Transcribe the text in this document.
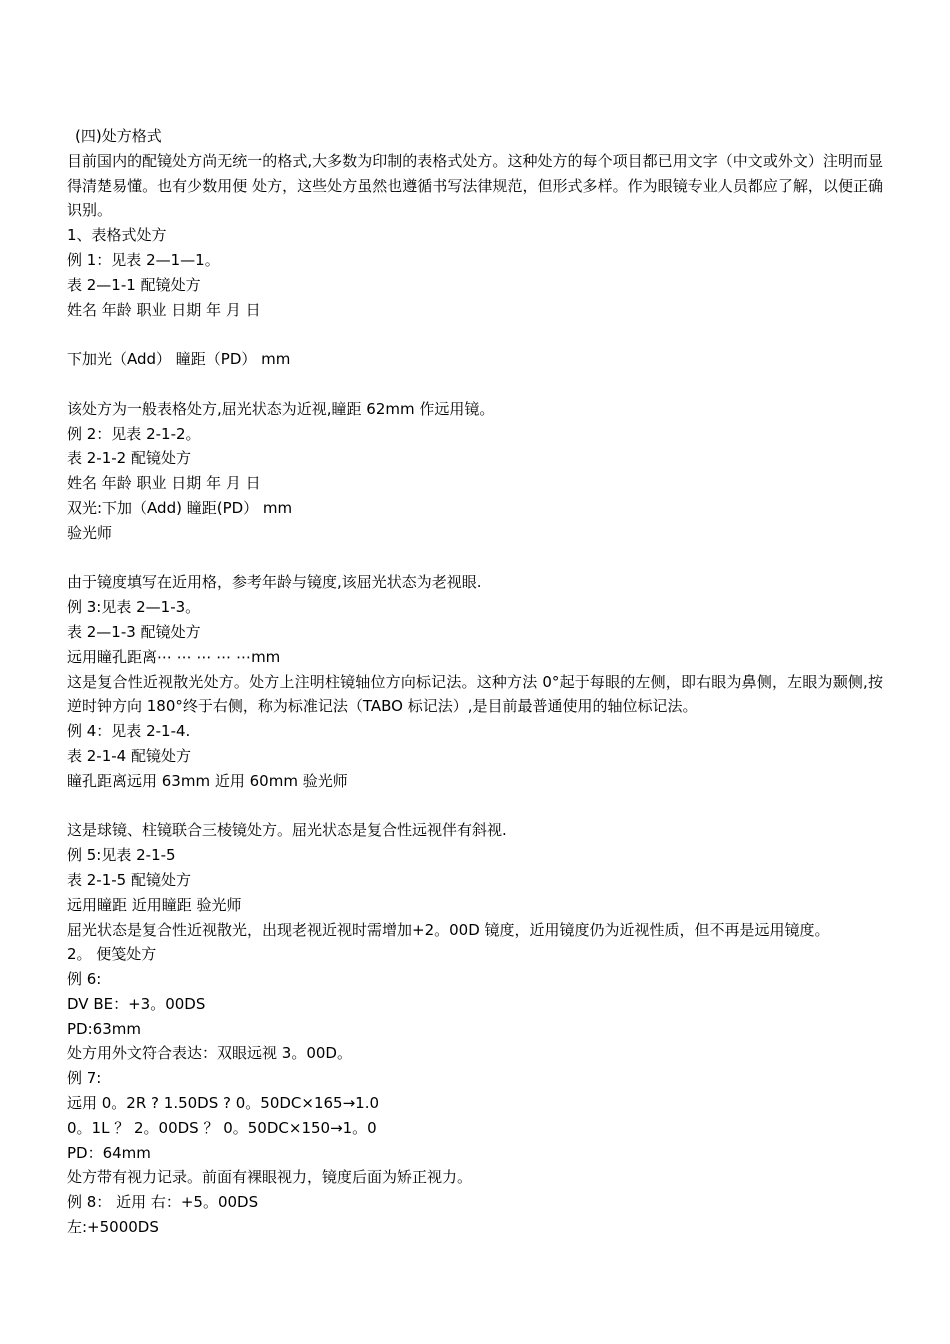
(四)处方格式
目前国内的配镜处方尚无统一的格式,大多数为印制的表格式处方。这种处方的每个项目都已用文字（中文或外文）注明而显得清楚易懂。也有少数用便 处方，这些处方虽然也遵循书写法律规范，但形式多样。作为眼镜专业人员都应了解，以便正确识别。
1、表格式处方
例 1：见表 2—1—1。
表 2—1-1 配镜处方
姓名 年龄 职业 日期 年 月 日
下加光（Add） 瞳距（PD） mm
该处方为一般表格处方,屈光状态为近视,瞳距 62mm 作远用镜。
例 2：见表 2-1-2。
表 2-1-2 配镜处方
姓名 年龄 职业 日期 年 月 日
双光:下加（Add) 瞳距(PD） mm
验光师
由于镜度填写在近用格，参考年龄与镜度,该屈光状态为老视眼.
例 3:见表 2—1-3。
表 2—1-3 配镜处方
远用瞳孔距离⋯ ⋯ ⋯ ⋯ ⋯mm
这是复合性近视散光处方。处方上注明柱镜轴位方向标记法。这种方法 0°起于每眼的左侧，即右眼为鼻侧，左眼为颞侧,按逆时钟方向 180°终于右侧，称为标准记法（TABO 标记法）,是目前最普通使用的轴位标记法。
例 4：见表 2-1-4.
表 2-1-4 配镜处方
瞳孔距离远用 63mm 近用 60mm 验光师
这是球镜、柱镜联合三棱镜处方。屈光状态是复合性远视伴有斜视.
例 5:见表 2-1-5
表 2-1-5 配镜处方
远用瞳距 近用瞳距 验光师
屈光状态是复合性近视散光，出现老视近视时需增加+2。00D 镜度，近用镜度仍为近视性质，但不再是远用镜度。
2。 便笺处方
例 6:
DV BE：+3。00DS
PD:63mm
处方用外文符合表达：双眼远视 3。00D。
例 7:
远用 0。2R ? 1.50DS ? 0。50DC×165→1.0
0。1L ？ 2。00DS ？ 0。50DC×150→1。0
PD：64mm
处方带有视力记录。前面有裸眼视力，镜度后面为矫正视力。
例 8： 近用 右：+5。00DS
左:+5000DS
